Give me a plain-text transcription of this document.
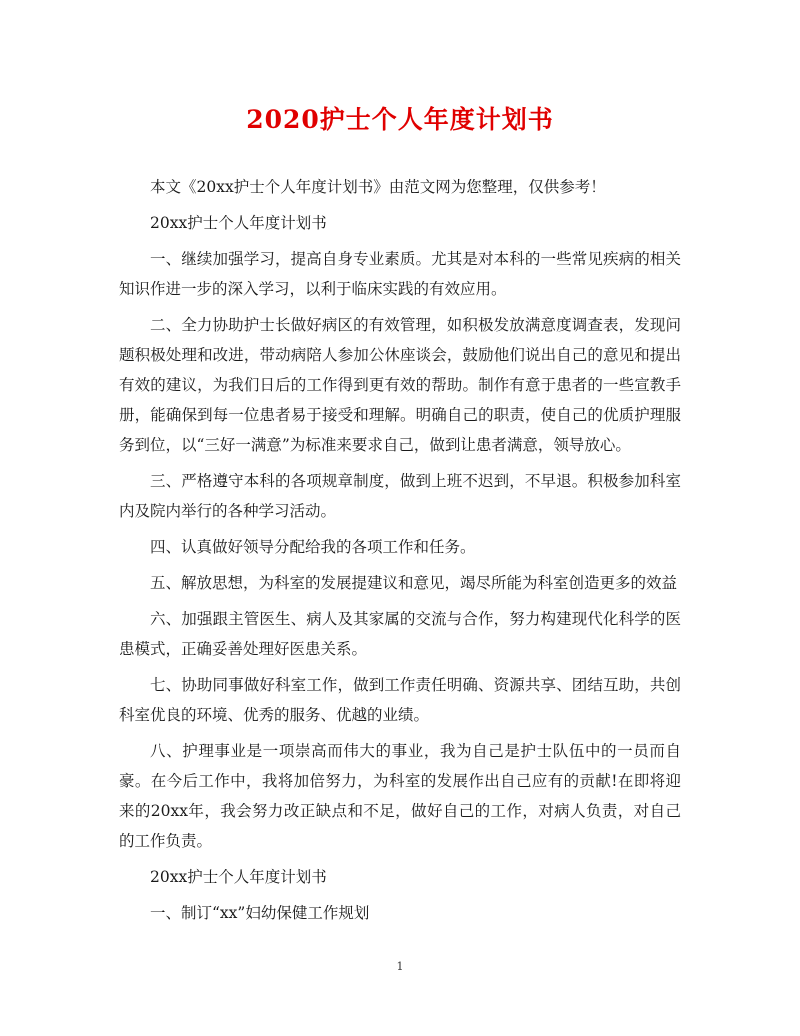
2020护士个人年度计划书

本文《20xx护士个人年度计划书》由范文网为您整理，仅供参考！

20xx护士个人年度计划书

一、继续加强学习，提高自身专业素质。尤其是对本科的一些常见疾病的相关知识作进一步的深入学习，以利于临床实践的有效应用。

二、全力协助护士长做好病区的有效管理，如积极发放满意度调查表，发现问题积极处理和改进，带动病陪人参加公休座谈会，鼓励他们说出自己的意见和提出有效的建议，为我们日后的工作得到更有效的帮助。制作有意于患者的一些宣教手册，能确保到每一位患者易于接受和理解。明确自己的职责，使自己的优质护理服务到位，以“三好一满意”为标准来要求自己，做到让患者满意，领导放心。

三、严格遵守本科的各项规章制度，做到上班不迟到，不早退。积极参加科室内及院内举行的各种学习活动。

四、认真做好领导分配给我的各项工作和任务。

五、解放思想，为科室的发展提建议和意见，竭尽所能为科室创造更多的效益

六、加强跟主管医生、病人及其家属的交流与合作，努力构建现代化科学的医患模式，正确妥善处理好医患关系。

七、协助同事做好科室工作，做到工作责任明确、资源共享、团结互助，共创科室优良的环境、优秀的服务、优越的业绩。

八、护理事业是一项崇高而伟大的事业，我为自己是护士队伍中的一员而自豪。在今后工作中，我将加倍努力，为科室的发展作出自己应有的贡献!在即将迎来的20xx年，我会努力改正缺点和不足，做好自己的工作，对病人负责，对自己的工作负责。

20xx护士个人年度计划书

一、制订“xx”妇幼保健工作规划

1
